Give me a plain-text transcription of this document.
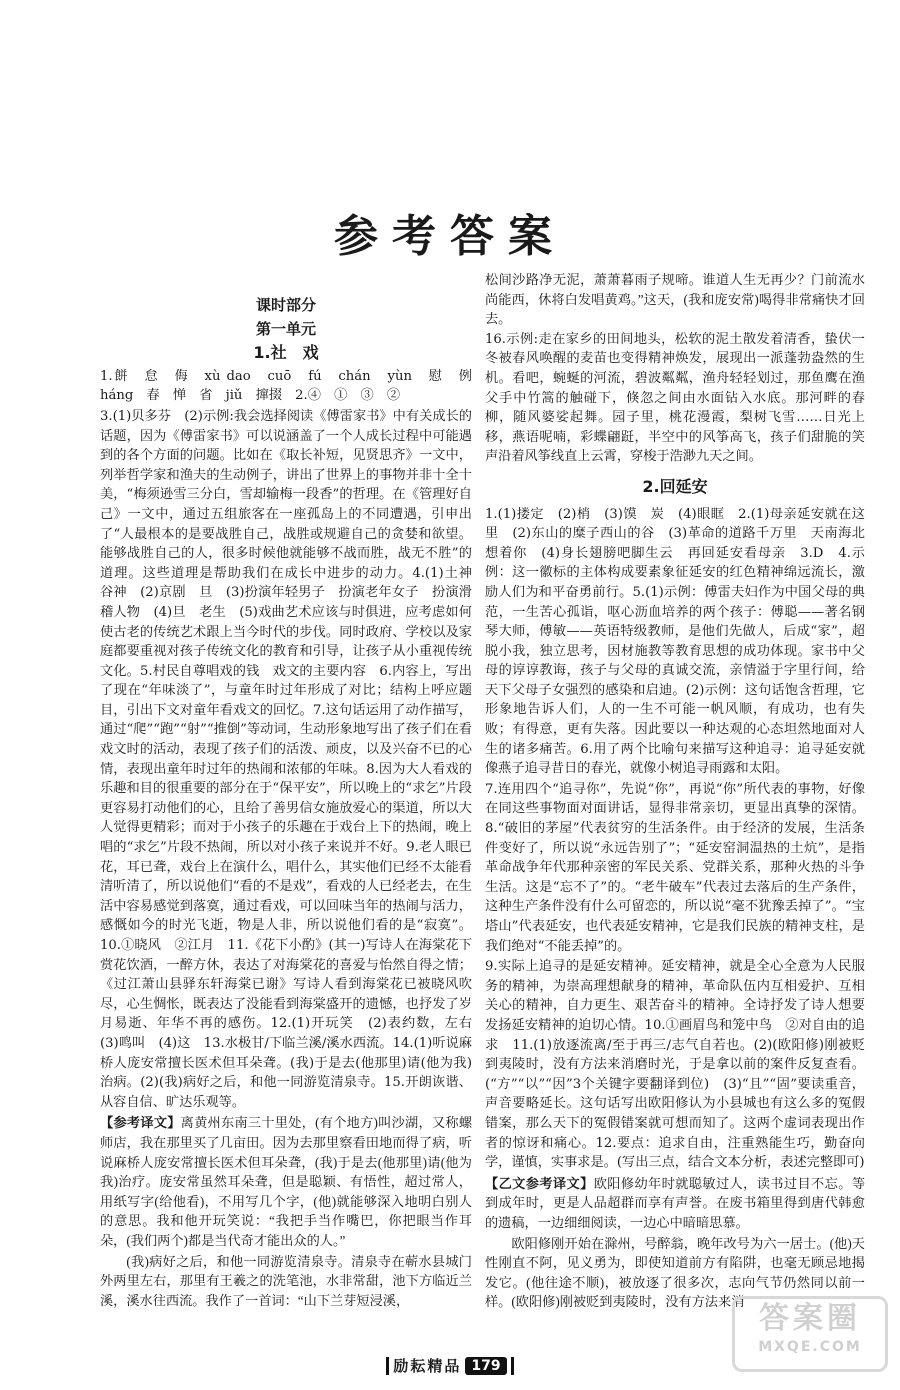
参考答案
课时部分
第一单元
1.社　戏

1.餅　怠　侮　xù dao　cuō　fú　chán　yùn　慰　例　háng　春　惮　省　jiǔ　撺掇　2.④　①　③　②

3.(1)贝多芬　(2)示例:我会选择阅读《傅雷家书》中有关成长的话题，因为《傅雷家书》可以说涵盖了一个人成长过程中可能遇到的各个方面的问题。比如在《取长补短，见贤思齐》一文中，列举哲学家和渔夫的生动例子，讲出了世界上的事物并非十全十美，“梅须逊雪三分白，雪却输梅一段香”的哲理。在《管理好自己》一文中，通过五组旅客在一座孤岛上的不同遭遇，引申出了“人最根本的是要战胜自己，战胜或规避自己的贪婪和欲望。能够战胜自己的人，很多时候他就能够不战而胜，战无不胜”的道理。这些道理是帮助我们在成长中进步的动力。4.(1)土神　谷神　(2)京剧　旦　(3)扮演年轻男子　扮演老年女子　扮演滑稽人物　(4)旦　老生　(5)戏曲艺术应该与时俱进，应考虑如何使古老的传统艺术跟上当今时代的步伐。同时政府、学校以及家庭都要重视对孩子传统文化的教育和引导，让孩子从小重视传统文化。5.村民自尊唱戏的钱　戏文的主要内容　6.内容上，写出了现在“年味淡了”，与童年时过年形成了对比；结构上呼应题目，引出下文对童年看戏文的回忆。7.这句话运用了动作描写，通过“爬”“跑”“射”“推倒”等动词，生动形象地写出了孩子们在看戏文时的活动，表现了孩子们的活泼、顽皮，以及兴奋不已的心情，表现出童年时过年的热闹和浓郁的年味。8.因为大人看戏的乐趣和目的很重要的部分在于“保平安”，所以晚上的“求乞”片段更容易打动他们的心，且给了善男信女施放爱心的渠道，所以大人觉得更精彩；而对于小孩子的乐趣在于戏台上下的热闹，晚上唱的“求乞”片段不热闹，所以对小孩子来说并不好。9.老人眼已花，耳已聋，戏台上在演什么，唱什么，其实他们已经不太能看清听清了，所以说他们“看的不是戏”，看戏的人已经老去，在生活中容易感觉到落寞，通过看戏，可以回味当年的热闹与活力，感慨如今的时光飞逝，物是人非，所以说他们看的是“寂寞”。10.①晓风　②江月　11.《花下小酌》(其一)写诗人在海棠花下赏花饮酒，一醉方休，表达了对海棠花的喜爱与怡然自得之情；《过江萧山县驿东轩海棠已谢》写诗人看到海棠花已被晓风吹尽，心生惆怅，既表达了没能看到海棠盛开的遗憾，也抒发了岁月易逝、年华不再的感伤。12.(1)开玩笑　(2)表约数，左右　(3)鸣叫　(4)这　13.水极甘/下临兰溪/溪水西流。14.(1)听说麻桥人庞安常擅长医术但耳朵聋。(我)于是去(他那里)请(他为我)治病。(2)(我)病好之后，和他一同游览清泉寺。15.开朗诙谐、从容自信、旷达乐观等。

【参考译文】离黄州东南三十里处，(有个地方)叫沙湖，又称螺师店，我在那里买了几亩田。因为去那里察看田地而得了病，听说麻桥人庞安常擅长医术但耳朵聋，(我)于是去(他那里)请(他为我)治疗。庞安常虽然耳朵聋，但是聪颖、有悟性，超过常人，用纸写字(给他看)，不用写几个字，(他)就能够深入地明白别人的意思。我和他开玩笑说：“我把手当作嘴巴，你把眼当作耳朵，(我们两个)都是当代奇才能出众的人。”

(我)病好之后，和他一同游览清泉寺。清泉寺在蕲水县城门外两里左右，那里有王羲之的洗笔池，水非常甜，池下方临近兰溪，溪水往西流。我作了一首词：“山下兰芽短浸溪，

松间沙路净无泥，萧萧暮雨子规啼。谁道人生无再少？门前流水尚能西，休将白发唱黄鸡。”这天，(我和庞安常)喝得非常痛快才回去。

16.示例:走在家乡的田间地头，松软的泥土散发着清香，蛰伏一冬被春风唤醒的麦苗也变得精神焕发，展现出一派蓬勃盎然的生机。看吧，蜿蜒的河流，碧波粼粼，渔舟轻轻划过，那鱼鹰在渔父手中竹篙的触碰下，倏忽之间由水面钻入水底。那河畔的春柳，随风婆娑起舞。园子里，桃花漫霞，梨树飞雪……日光上移，燕语呢喃，彩蝶翩跹，半空中的风筝高飞，孩子们甜脆的笑声沿着风筝线直上云霄，穿梭于浩渺九天之间。

2.回延安

1.(1)搂定　(2)梢　(3)馍　炭　(4)眼眶　2.(1)母亲延安就在这里　(2)东山的糜子西山的谷　(3)革命的道路千万里　天南海北想着你　(4)身长翅膀吧脚生云　再回延安看母亲　3.D　4.示例：这一徽标的主体构成要素象征延安的红色精神绵远流长，激励人们为和平奋勇前行。5.(1)示例：傅雷夫妇作为中国父母的典范，一生苦心孤诣，呕心沥血培养的两个孩子：傅聪——著名钢琴大师，傅敏——英语特级教师，是他们先做人，后成“家”，超脱小我，独立思考，因材施教等教育思想的成功体现。家书中父母的谆谆教诲，孩子与父母的真诚交流，亲情溢于字里行间，给天下父母子女强烈的感染和启迪。(2)示例：这句话饱含哲理，它形象地告诉人们，人的一生不可能一帆风顺，有成功，也有失败；有得意，更有失落。因此要以一种达观的心态坦然地面对人生的诸多痛苦。6.用了两个比喻句来描写这种追寻：追寻延安就像燕子追寻昔日的春光，就像小树追寻雨露和太阳。

7.连用四个“追寻你”，先说“你”，再说“你”所代表的事物，好像在同这些事物面对面讲话，显得非常亲切，更显出真挚的深情。8.“破旧的茅屋”代表贫穷的生活条件。由于经济的发展，生活条件变好了，所以说“永远告别了”；“延安窑洞温热的土炕”，是指革命战争年代那种亲密的军民关系、党群关系，那种火热的斗争生活。这是“忘不了”的。“老牛破车”代表过去落后的生产条件，这种生产条件没有什么可留恋的，所以说“毫不犹豫丢掉了”。“宝塔山”代表延安，也代表延安精神，它是我们民族的精神支柱，是我们绝对“不能丢掉”的。

9.实际上追寻的是延安精神。延安精神，就是全心全意为人民服务的精神，为崇高理想献身的精神，革命队伍内互相爱护、互相关心的精神，自力更生、艰苦奋斗的精神。全诗抒发了诗人想要发扬延安精神的迫切心情。10.①画眉鸟和笼中鸟　②对自由的追求　11.(1)放逐流离/至于再三/志气自若也。(2)(欧阳修)刚被贬到夷陵时，没有方法来消磨时光，于是拿以前的案件反复查看。(“方”“以”“因”3个关键字要翻译到位)　(3)“且”“固”要读重音，声音要略延长。这句话写出欧阳修认为小县城也有这么多的冤假错案，那么天下的冤假错案就可想而知了。这两个虚词表现出作者的惊讶和痛心。12.要点：追求自由，注重熟能生巧，勤奋向学，谨慎，实事求是。(写出三点，结合文本分析，表述完整即可)

【乙文参考译文】欧阳修幼年时就聪敏过人，读书过目不忘。等到成年时，更是人品超群而享有声誉。在废书箱里得到唐代韩愈的遗稿，一边细细阅读，一边心中暗暗思慕。

欧阳修刚开始在滁州，号醉翁，晚年改号为六一居士。(他)天性刚直不阿，见义勇为，即使知道前方有陷阱，也毫无顾忌地揭发它。(他往途不顺)，被放逐了很多次，志向气节仍然同以前一样。(欧阳修)刚被贬到夷陵时，没有方法来消

励耘精品 179
答案圈
MXQE.COM
